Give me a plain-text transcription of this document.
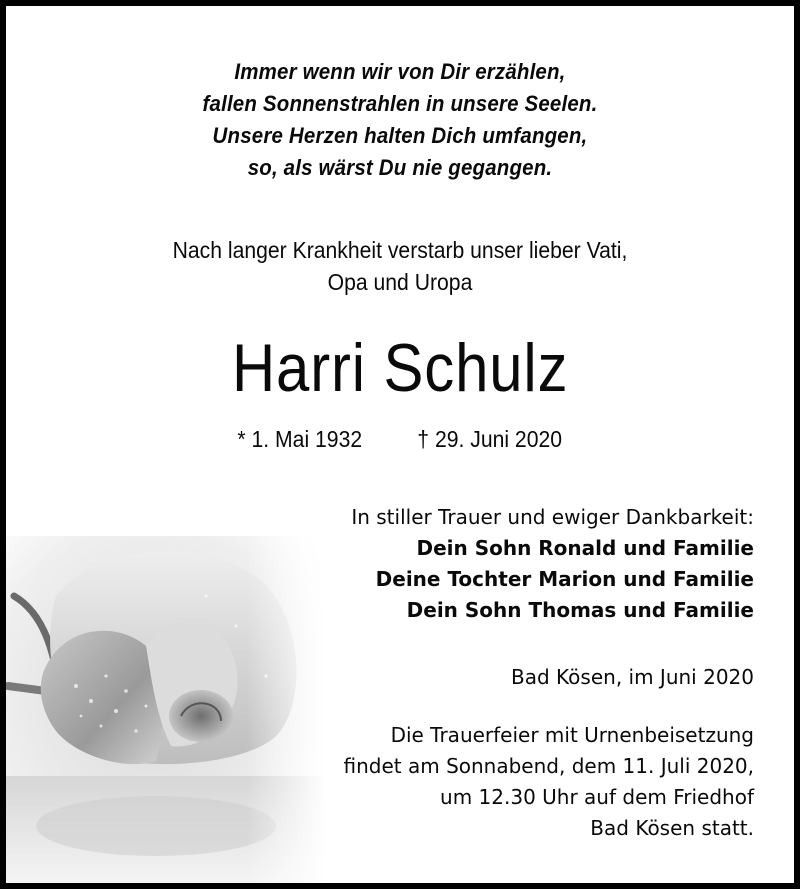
Immer wenn wir von Dir erzählen,
fallen Sonnenstrahlen in unsere Seelen.
Unsere Herzen halten Dich umfangen,
so, als wärst Du nie gegangen.
Nach langer Krankheit verstarb unser lieber Vati,
Opa und Uropa
Harri Schulz
* 1. Mai 1932 † 29. Juni 2020
In stiller Trauer und ewiger Dankbarkeit:
Dein Sohn Ronald und Familie
Deine Tochter Marion und Familie
Dein Sohn Thomas und Familie
Bad Kösen, im Juni 2020
Die Trauerfeier mit Urnenbeisetzung
findet am Sonnabend, dem 11. Juli 2020,
um 12.30 Uhr auf dem Friedhof
Bad Kösen statt.
